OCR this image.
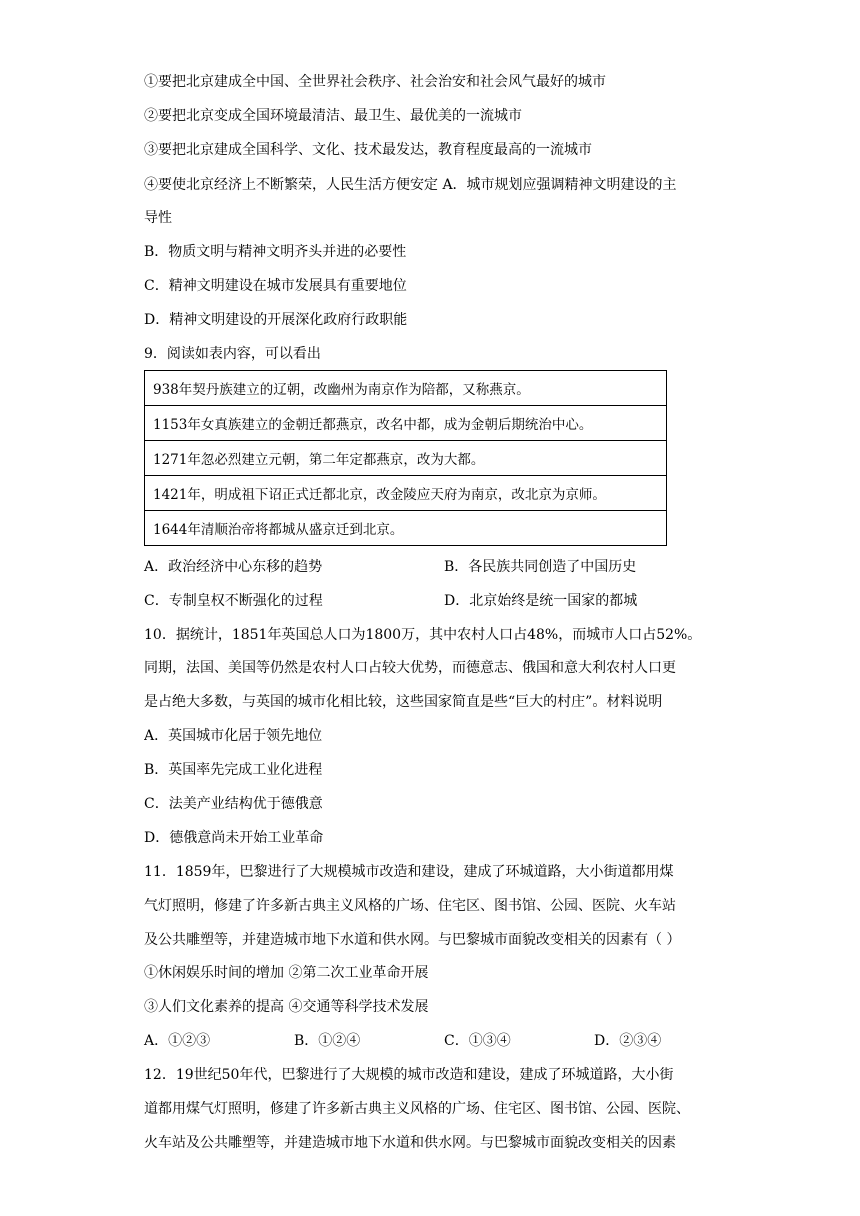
①要把北京建成全中国、全世界社会秩序、社会治安和社会风气最好的城市
②要把北京变成全国环境最清洁、最卫生、最优美的一流城市
③要把北京建成全国科学、文化、技术最发达，教育程度最高的一流城市
④要使北京经济上不断繁荣，人民生活方便安定 A．城市规划应强调精神文明建设的主
导性
B．物质文明与精神文明齐头并进的必要性
C．精神文明建设在城市发展具有重要地位
D．精神文明建设的开展深化政府行政职能
9．阅读如表内容，可以看出
938年契丹族建立的辽朝，改幽州为南京作为陪都，又称燕京。
1153年女真族建立的金朝迁都燕京，改名中都，成为金朝后期统治中心。
1271年忽必烈建立元朝，第二年定都燕京，改为大都。
1421年，明成祖下诏正式迁都北京，改金陵应天府为南京，改北京为京师。
1644年清顺治帝将都城从盛京迁到北京。
A．政治经济中心东移的趋势	B．各民族共同创造了中国历史
C．专制皇权不断强化的过程	D．北京始终是统一国家的都城
10．据统计，1851年英国总人口为1800万，其中农村人口占48%，而城市人口占52%。
同期，法国、美国等仍然是农村人口占较大优势，而德意志、俄国和意大利农村人口更
是占绝大多数，与英国的城市化相比较，这些国家简直是些“巨大的村庄”。材料说明
A．英国城市化居于领先地位
B．英国率先完成工业化进程
C．法美产业结构优于德俄意
D．德俄意尚未开始工业革命
11．1859年，巴黎进行了大规模城市改造和建设，建成了环城道路，大小街道都用煤
气灯照明，修建了许多新古典主义风格的广场、住宅区、图书馆、公园、医院、火车站
及公共雕塑等，并建造城市地下水道和供水网。与巴黎城市面貌改变相关的因素有（ ）
①休闲娱乐时间的增加 ②第二次工业革命开展
③人们文化素养的提高 ④交通等科学技术发展
A．①②③	B．①②④	C．①③④	D．②③④
12．19世纪50年代，巴黎进行了大规模的城市改造和建设，建成了环城道路，大小街
道都用煤气灯照明，修建了许多新古典主义风格的广场、住宅区、图书馆、公园、医院、
火车站及公共雕塑等，并建造城市地下水道和供水网。与巴黎城市面貌改变相关的因素
